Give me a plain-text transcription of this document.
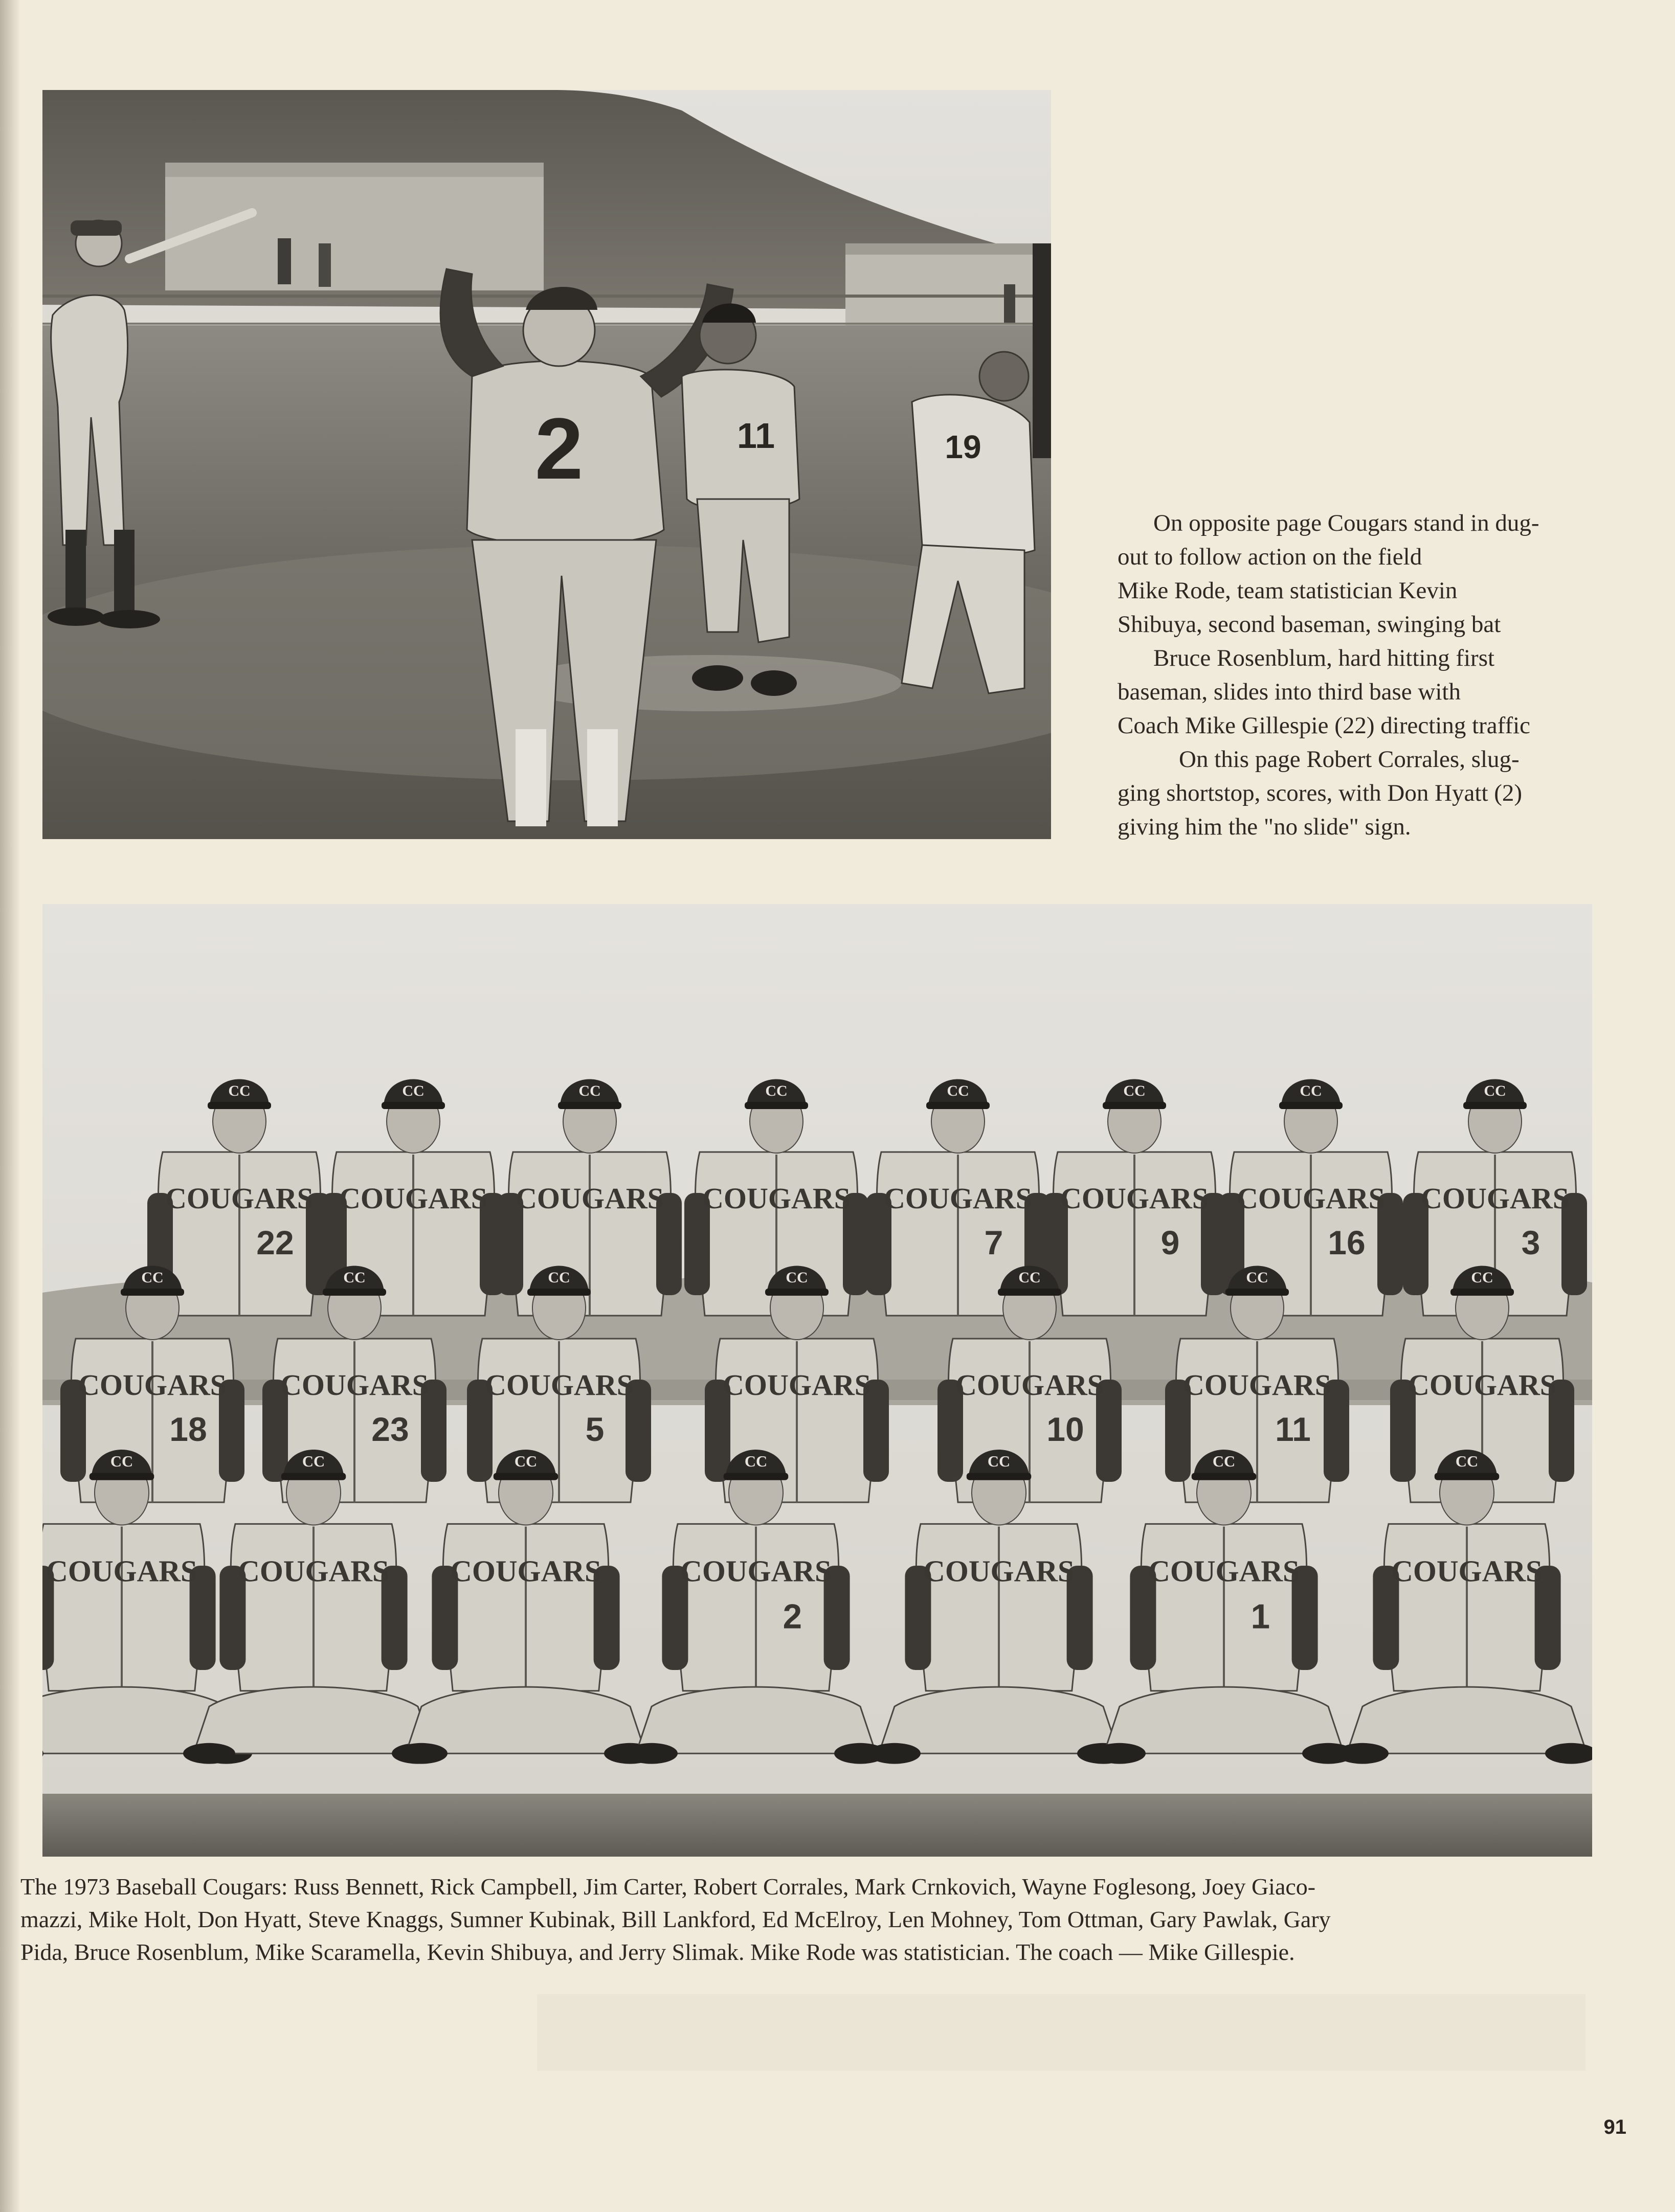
2	11	19

On opposite page Cougars stand in dug-

out to follow action on the field

Mike Rode, team statistician Kevin

Shibuya, second baseman, swinging bat

Bruce Rosenblum, hard hitting first

baseman, slides into third base with

Coach Mike Gillespie (22) directing traffic

On this page Robert Corrales, slug-

ging shortstop, scores, with Don Hyatt (2)

giving him the "no slide" sign.

CC
COUGARS
22
CC
COUGARS
CC
COUGARS
CC
COUGARS
CC
COUGARS
7
CC
COUGARS
9
CC
COUGARS
16
CC
COUGARS
3
CC
COUGARS
18
CC
COUGARS
23
CC
COUGARS
5
CC
COUGARS
CC
COUGARS
10
CC
COUGARS
11
CC
COUGARS
CC
COUGARS
CC
COUGARS
CC
COUGARS
CC
COUGARS
2
CC
COUGARS
CC
COUGARS
1
CC
COUGARS

The 1973 Baseball Cougars: Russ Bennett, Rick Campbell, Jim Carter, Robert Corrales, Mark Crnkovich, Wayne Foglesong, Joey Giaco-

mazzi, Mike Holt, Don Hyatt, Steve Knaggs, Sumner Kubinak, Bill Lankford, Ed McElroy, Len Mohney, Tom Ottman, Gary Pawlak, Gary

Pida, Bruce Rosenblum, Mike Scaramella, Kevin Shibuya, and Jerry Slimak. Mike Rode was statistician. The coach — Mike Gillespie.

91
